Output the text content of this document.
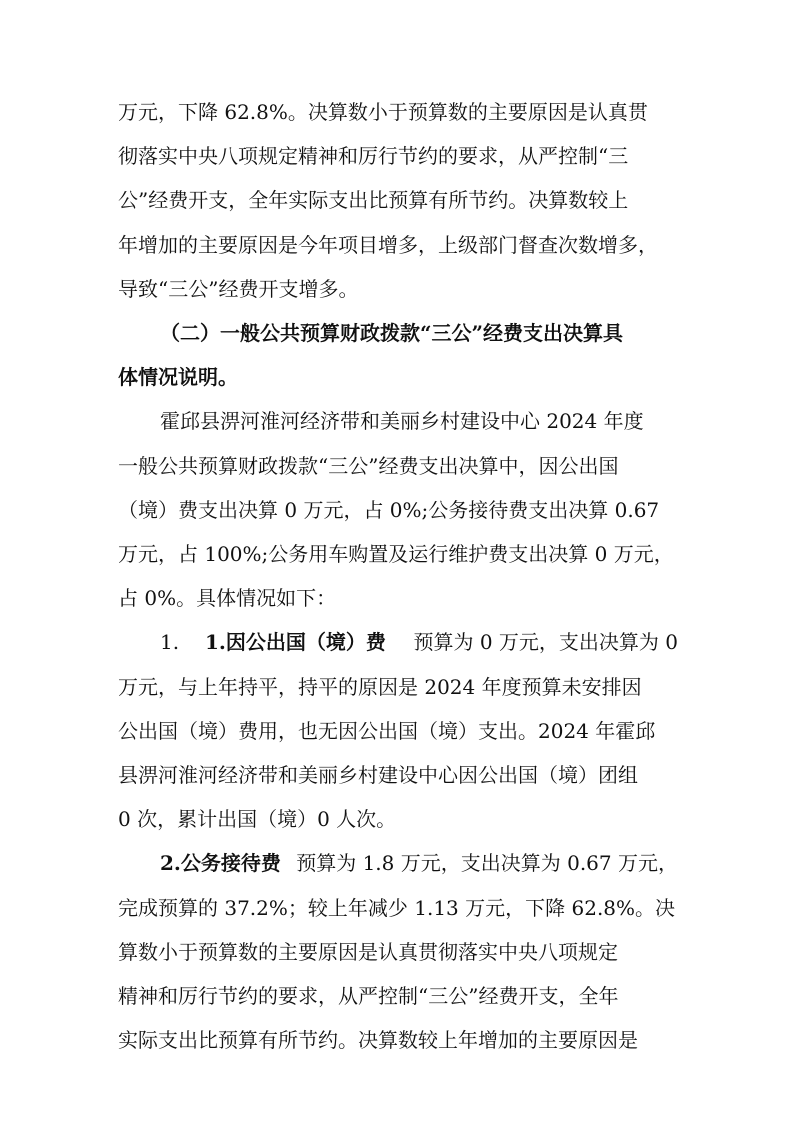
万元，下降 62.8%。决算数小于预算数的主要原因是认真贯
彻落实中央八项规定精神和厉行节约的要求，从严控制“三
公”经费开支，全年实际支出比预算有所节约。决算数较上
年增加的主要原因是今年项目增多，上级部门督查次数增多，
导致“三公”经费开支增多。
（二）一般公共预算财政拨款“三公”经费支出决算具
体情况说明。
霍邱县淠河淮河经济带和美丽乡村建设中心 2024 年度
一般公共预算财政拨款“三公”经费支出决算中，因公出国
（境）费支出决算 0 万元，占 0%;公务接待费支出决算 0.67
万元，占 100%;公务用车购置及运行维护费支出决算 0 万元，
占 0%。具体情况如下：
1. 1.因公出国（境）费 预算为 0 万元，支出决算为 0
万元，与上年持平，持平的原因是 2024 年度预算未安排因
公出国（境）费用，也无因公出国（境）支出。2024 年霍邱
县淠河淮河经济带和美丽乡村建设中心因公出国（境）团组
0 次，累计出国（境）0 人次。
2.公务接待费 预算为 1.8 万元，支出决算为 0.67 万元，
完成预算的 37.2%；较上年减少 1.13 万元，下降 62.8%。决
算数小于预算数的主要原因是认真贯彻落实中央八项规定
精神和厉行节约的要求，从严控制“三公”经费开支，全年
实际支出比预算有所节约。决算数较上年增加的主要原因是
